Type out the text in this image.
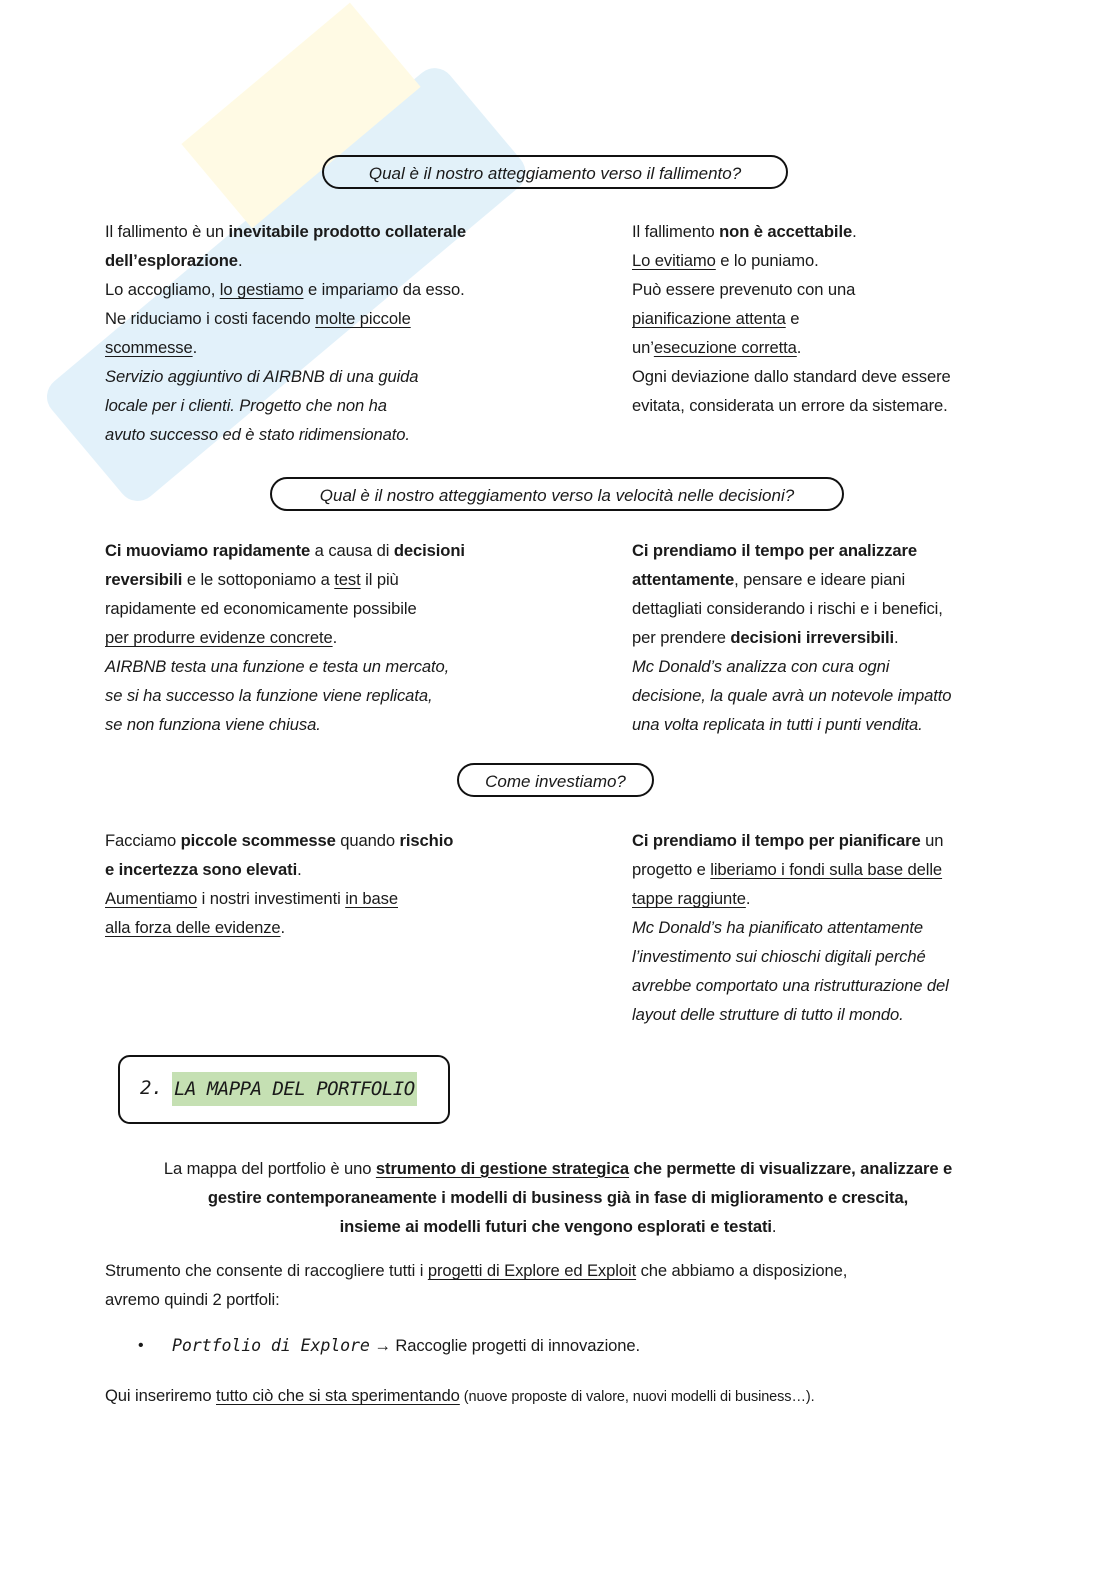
Qual è il nostro atteggiamento verso il fallimento?
Il fallimento è un inevitabile prodotto collaterale
dell’esplorazione.
Lo accogliamo, lo gestiamo e impariamo da esso.
Ne riduciamo i costi facendo molte piccole
scommesse.
Servizio aggiuntivo di AIRBNB di una guida
locale per i clienti. Progetto che non ha
avuto successo ed è stato ridimensionato.
Il fallimento non è accettabile.
Lo evitiamo e lo puniamo.
Può essere prevenuto con una
pianificazione attenta e
un’esecuzione corretta.
Ogni deviazione dallo standard deve essere
evitata, considerata un errore da sistemare.
Qual è il nostro atteggiamento verso la velocità nelle decisioni?
Ci muoviamo rapidamente a causa di decisioni
reversibili e le sottoponiamo a test il più
rapidamente ed economicamente possibile
per produrre evidenze concrete.
AIRBNB testa una funzione e testa un mercato,
se si ha successo la funzione viene replicata,
se non funziona viene chiusa.
Ci prendiamo il tempo per analizzare
attentamente, pensare e ideare piani
dettagliati considerando i rischi e i benefici,
per prendere decisioni irreversibili.
Mc Donald’s analizza con cura ogni
decisione, la quale avrà un notevole impatto
una volta replicata in tutti i punti vendita.
Come investiamo?
Facciamo piccole scommesse quando rischio
e incertezza sono elevati.
Aumentiamo i nostri investimenti in base
alla forza delle evidenze.
Ci prendiamo il tempo per pianificare un
progetto e liberiamo i fondi sulla base delle
tappe raggiunte.
Mc Donald’s ha pianificato attentamente
l’investimento sui chioschi digitali perché
avrebbe comportato una ristrutturazione del
layout delle strutture di tutto il mondo.
2. LA MAPPA DEL PORTFOLIO
La mappa del portfolio è uno strumento di gestione strategica che permette di visualizzare, analizzare e
gestire contemporaneamente i modelli di business già in fase di miglioramento e crescita,
insieme ai modelli futuri che vengono esplorati e testati.
Strumento che consente di raccogliere tutti i progetti di Explore ed Exploit che abbiamo a disposizione,
avremo quindi 2 portfoli:
• Portfolio di Explore → Raccoglie progetti di innovazione.
Qui inseriremo tutto ciò che si sta sperimentando (nuove proposte di valore, nuovi modelli di business…).
